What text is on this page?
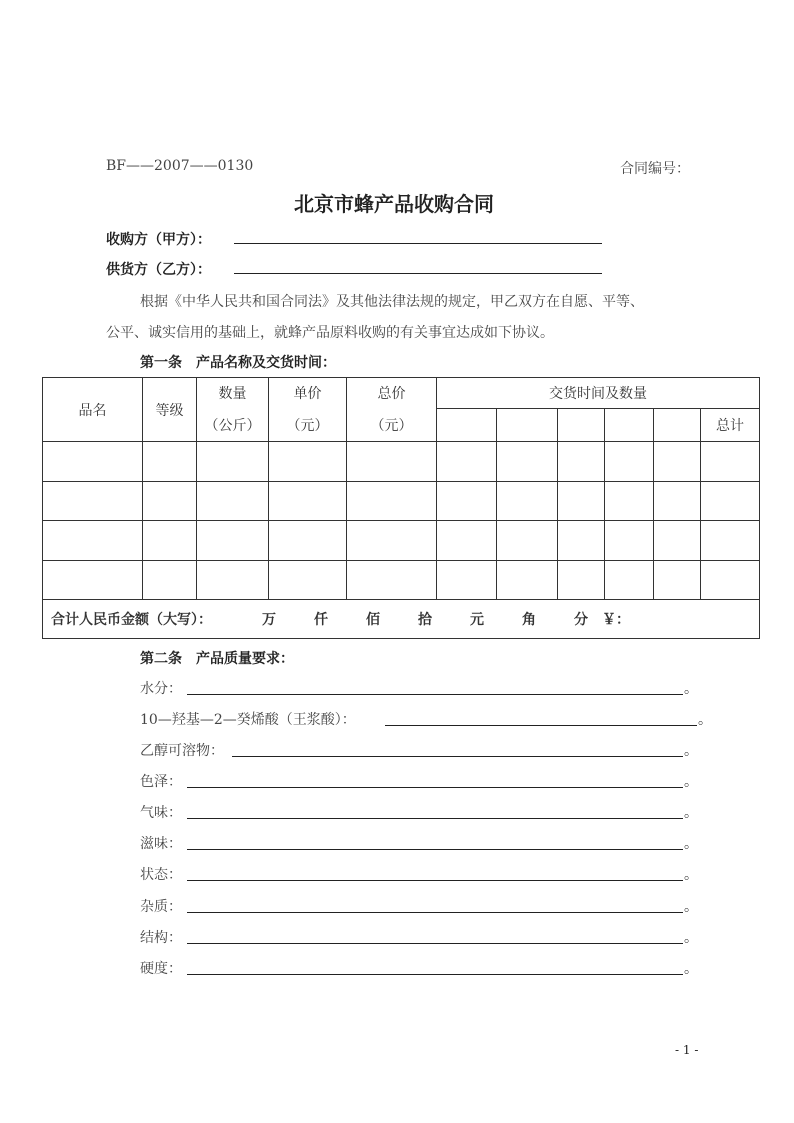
BF——2007——0130	合同编号：
北京市蜂产品收购合同
收购方（甲方）：
供货方（乙方）：
根据《中华人民共和国合同法》及其他法律法规的规定，甲乙双方在自愿、平等、
公平、诚实信用的基础上，就蜂产品原料收购的有关事宜达成如下协议。
第一条　产品名称及交货时间：
品名	等级	数量	单价	总价	交货时间及数量					
		（公斤）	（元）	（元）						总计

合计人民币金额（大写）： 万 仟 佰 拾 元 角 分 ￥：										
第二条　产品质量要求：
水分：	。
10—羟基—2—癸烯酸（王浆酸）：	。
乙醇可溶物：	。
色泽：	。
气味：	。
滋味：	。
状态：	。
杂质：	。
结构：	。
硬度：	。
- 1 -
